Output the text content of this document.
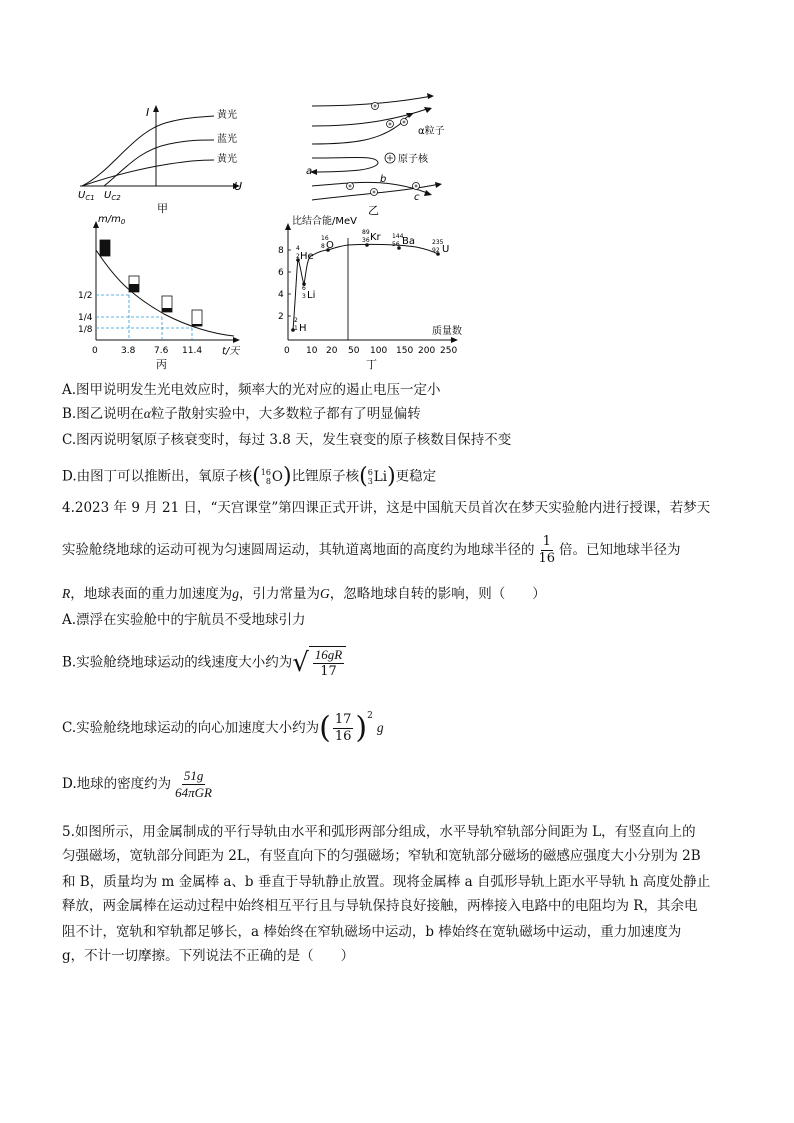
I
U
黄光
蓝光
黄光
$U_{C1}$ $U_{C2}$
甲
α粒子
原子核
a
b
c
乙
$m/m_0$
t/天
1/2
1/4
1/8
0	3.8 7.6 11.4
丙
比结合能/MeV
质量数
8
6
4
2
0 10 20 50 100 150 200 250
4
2 He
16
8 O
89
36 Kr 144
56 Ba	235
92 U
6
3 Li
2
1 H
丁
A.图甲说明发生光电效应时，频率大的光对应的遏止电压一定小
B.图乙说明在α粒子散射实验中，大多数粒子都有了明显偏转
C.图丙说明氡原子核衰变时，每过 3.8 天，发生衰变的原子核数目保持不变
D.由图丁可以推断出，氧原子核( 16
8 O )比锂原子核( 6
3 Li )更稳定
4.2023 年 9 月 21 日，“天宫课堂”第四课正式开讲，这是中国航天员首次在梦天实验舱内进行授课，若梦天
实验舱绕地球的运动可视为匀速圆周运动，其轨道离地面的高度约为地球半径的 $\frac{1}{16}$ 倍。已知地球半径为
R，地球表面的重力加速度为g，引力常量为G，忽略地球自转的影响，则（　　）
A.漂浮在实验舱中的宇航员不受地球引力
B.实验舱绕地球运动的线速度大小约为 √ $\frac{16gR}{17}$
C.实验舱绕地球运动的向心加速度大小约为( $\frac{17}{16} )^2g$
D.地球的密度约为 $\frac{51g}{\text{64πGR}}$
5.如图所示，用金属制成的平行导轨由水平和弧形两部分组成，水平导轨窄轨部分间距为 L，有竖直向上的
匀强磁场，宽轨部分间距为 2L，有竖直向下的匀强磁场；窄轨和宽轨部分磁场的磁感应强度大小分别为 2B
和 B，质量均为 m 金属棒 a、b 垂直于导轨静止放置。现将金属棒 a 自弧形导轨上距水平导轨 h 高度处静止
释放，两金属棒在运动过程中始终相互平行且与导轨保持良好接触，两棒接入电路中的电阻均为 R，其余电
阻不计，宽轨和窄轨都足够长，a 棒始终在窄轨磁场中运动，b 棒始终在宽轨磁场中运动，重力加速度为
g，不计一切摩擦。下列说法不正确的是（　　）
